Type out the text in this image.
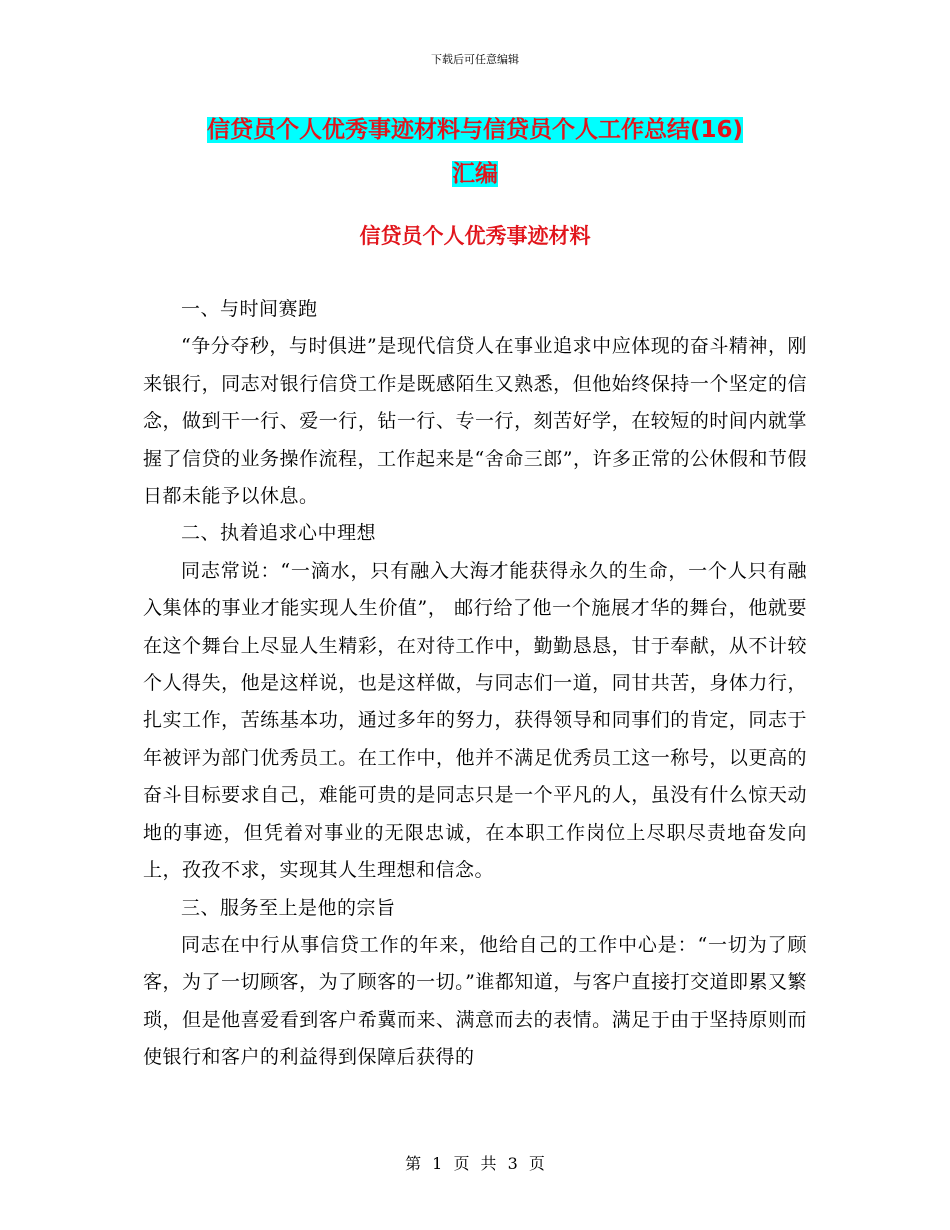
下载后可任意编辑
信贷员个人优秀事迹材料与信贷员个人工作总结(16)
汇编
信贷员个人优秀事迹材料

一、与时间赛跑

“争分夺秒，与时俱进”是现代信贷人在事业追求中应体现的奋斗精神，刚来银行，同志对银行信贷工作是既感陌生又熟悉，但他始终保持一个坚定的信念，做到干一行、爱一行，钻一行、专一行，刻苦好学，在较短的时间内就掌握了信贷的业务操作流程，工作起来是“舍命三郎”，许多正常的公休假和节假日都未能予以休息。

二、执着追求心中理想

同志常说：“一滴水，只有融入大海才能获得永久的生命，一个人只有融入集体的事业才能实现人生价值”， 邮行给了他一个施展才华的舞台，他就要在这个舞台上尽显人生精彩，在对待工作中，勤勤恳恳，甘于奉献，从不计较个人得失，他是这样说，也是这样做，与同志们一道，同甘共苦，身体力行，扎实工作，苦练基本功，通过多年的努力，获得领导和同事们的肯定，同志于年被评为部门优秀员工。在工作中，他并不满足优秀员工这一称号，以更高的奋斗目标要求自己，难能可贵的是同志只是一个平凡的人，虽没有什么惊天动地的事迹，但凭着对事业的无限忠诚，在本职工作岗位上尽职尽责地奋发向上，孜孜不求，实现其人生理想和信念。

三、服务至上是他的宗旨

同志在中行从事信贷工作的年来，他给自己的工作中心是：“一切为了顾客，为了一切顾客，为了顾客的一切。”谁都知道，与客户直接打交道即累又繁琐，但是他喜爱看到客户希冀而来、满意而去的表情。满足于由于坚持原则而使银行和客户的利益得到保障后获得的

第 1 页 共 3 页
